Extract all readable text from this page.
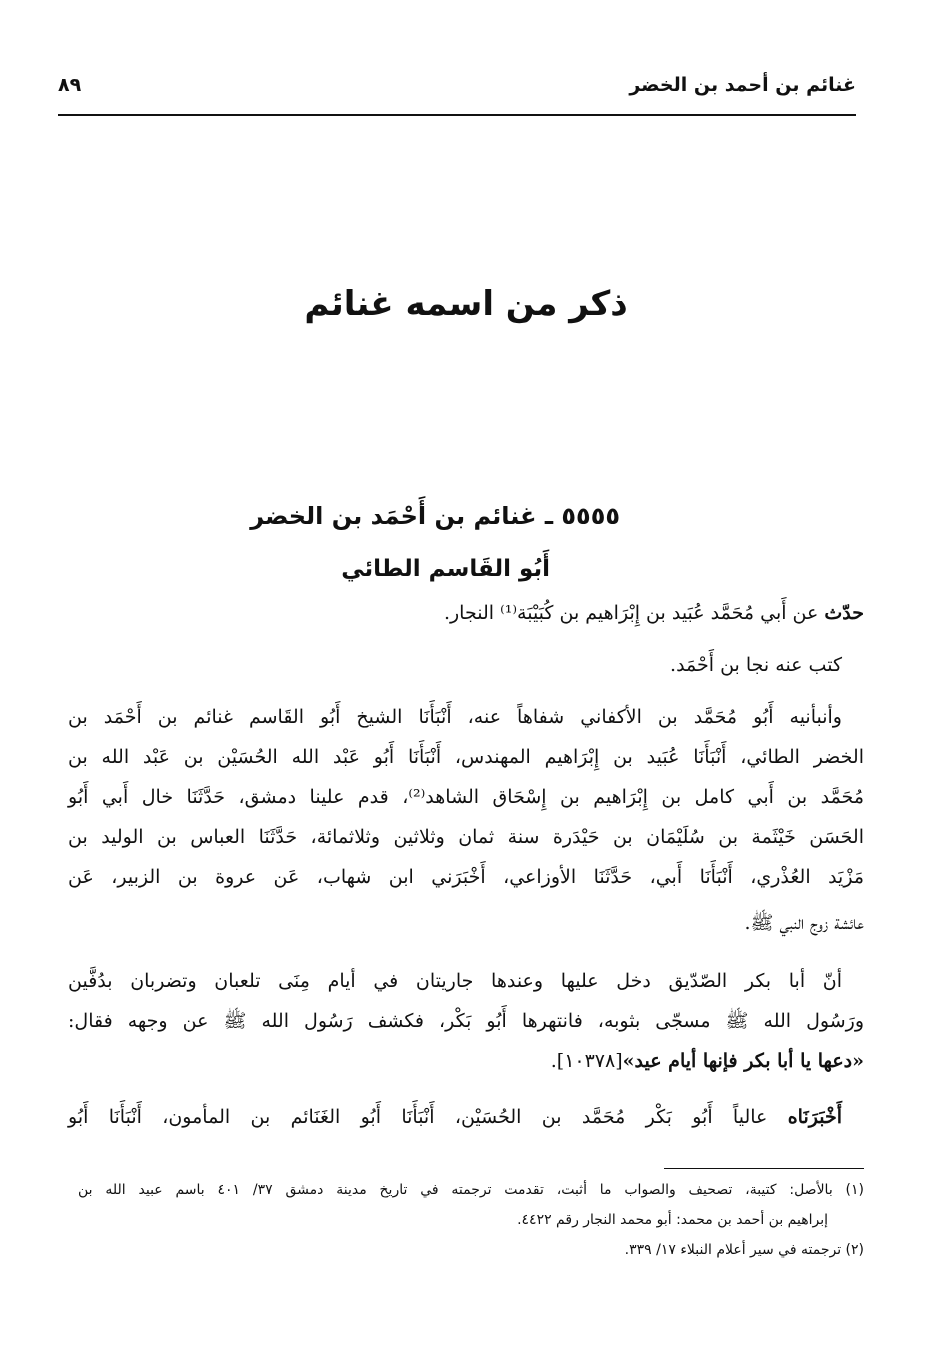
غنائم بن أحمد بن الخضر
٨٩
ذكر من اسمه غنائم
٥٥٥٥ ـ غنائم بن أَحْمَد بن الخضر
أَبُو القَاسم الطائي
حدّث عن أَبي مُحَمَّد عُبَيد بن إِبْرَاهيم بن كُبَيْبَة⁽¹⁾ النجار.
كتب عنه نجا بن أَحْمَد.
وأنبأنيه أَبُو مُحَمَّد بن الأكفاني شفاهاً عنه، أَنْبَأَنَا الشيخ أَبُو القَاسم غنائم بن أَحْمَد بن
الخضر الطائي، أَنْبَأَنَا عُبَيد بن إِبْرَاهيم المهندس، أَنْبَأَنَا أَبُو عَبْد الله الحُسَيْن بن عَبْد الله بن
مُحَمَّد بن أَبي كامل بن إِبْرَاهيم بن إِسْحَاق الشاهد⁽²⁾، قدم علينا دمشق، حَدَّثَنَا خال أَبي أَبُو
الحَسَن خَيْثَمة بن سُلَيْمَان بن حَيْدَرة سنة ثمان وثلاثين وثلاثمائة، حَدَّثَنَا العباس بن الوليد بن
مَزْيَد العُذْري، أَنْبَأَنَا أَبي، حَدَّثَنَا الأوزاعي، أَخْبَرَني ابن شهاب، عَن عروة بن الزبير، عَن
عائشة زوج النبي ﷺ.
أنّ أبا بكر الصّدّيق دخل عليها وعندها جاريتان في أيام مِنَى تلعبان وتضربان بدُفَّين
ورَسُول الله ﷺ مسجّى بثوبه، فانتهرها أَبُو بَكْر، فكشف رَسُول الله ﷺ عن وجهه فقال:
«دعها يا أبا بكر فإنها أيام عيد»[١٠٣٧٨].
أَخْبَرَنَاه عالياً أَبُو بَكْر مُحَمَّد بن الحُسَيْن، أَنْبَأَنَا أَبُو الغَنَائم بن المأمون، أَنْبَأَنَا أَبُو
(١) بالأصل: كتيبة، تصحيف والصواب ما أثبت، تقدمت ترجمته في تاريخ مدينة دمشق ٣٧/ ٤٠١ باسم عبيد الله بن
إبراهيم بن أحمد بن محمد: أبو محمد النجار رقم ٤٤٢٢.
(٢) ترجمته في سير أعلام النبلاء ١٧/ ٣٣٩.
